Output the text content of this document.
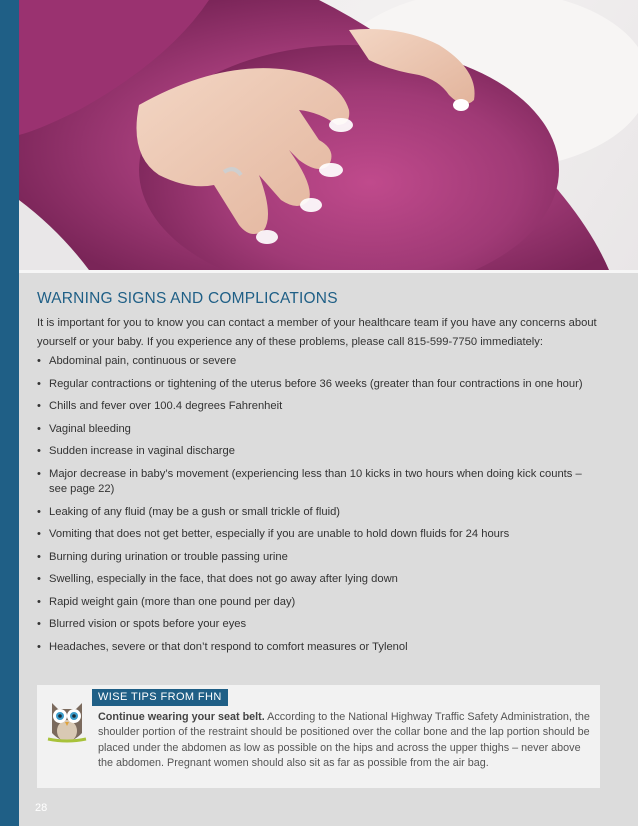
WARNING SIGNS AND COMPLICATIONS

It is important for you to know you can contact a member of your healthcare team if you have any concerns about yourself or your baby. If you experience any of these problems, please call 815-599-7750 immediately:

• Abdominal pain, continuous or severe
• Regular contractions or tightening of the uterus before 36 weeks (greater than four contractions in one hour)
• Chills and fever over 100.4 degrees Fahrenheit
• Vaginal bleeding
• Sudden increase in vaginal discharge
• Major decrease in baby’s movement (experiencing less than 10 kicks in two hours when doing kick counts – see page 22)
• Leaking of any fluid (may be a gush or small trickle of fluid)
• Vomiting that does not get better, especially if you are unable to hold down fluids for 24 hours
• Burning during urination or trouble passing urine
• Swelling, especially in the face, that does not go away after lying down
• Rapid weight gain (more than one pound per day)
• Blurred vision or spots before your eyes
• Headaches, severe or that don’t respond to comfort measures or Tylenol
WISE TIPS FROM FHN
Continue wearing your seat belt. According to the National Highway Traffic Safety Administration, the shoulder portion of the restraint should be positioned over the collar bone and the lap portion should be placed under the abdomen as low as possible on the hips and across the upper thighs – never above the abdomen. Pregnant women should also sit as far as possible from the air bag.
28
